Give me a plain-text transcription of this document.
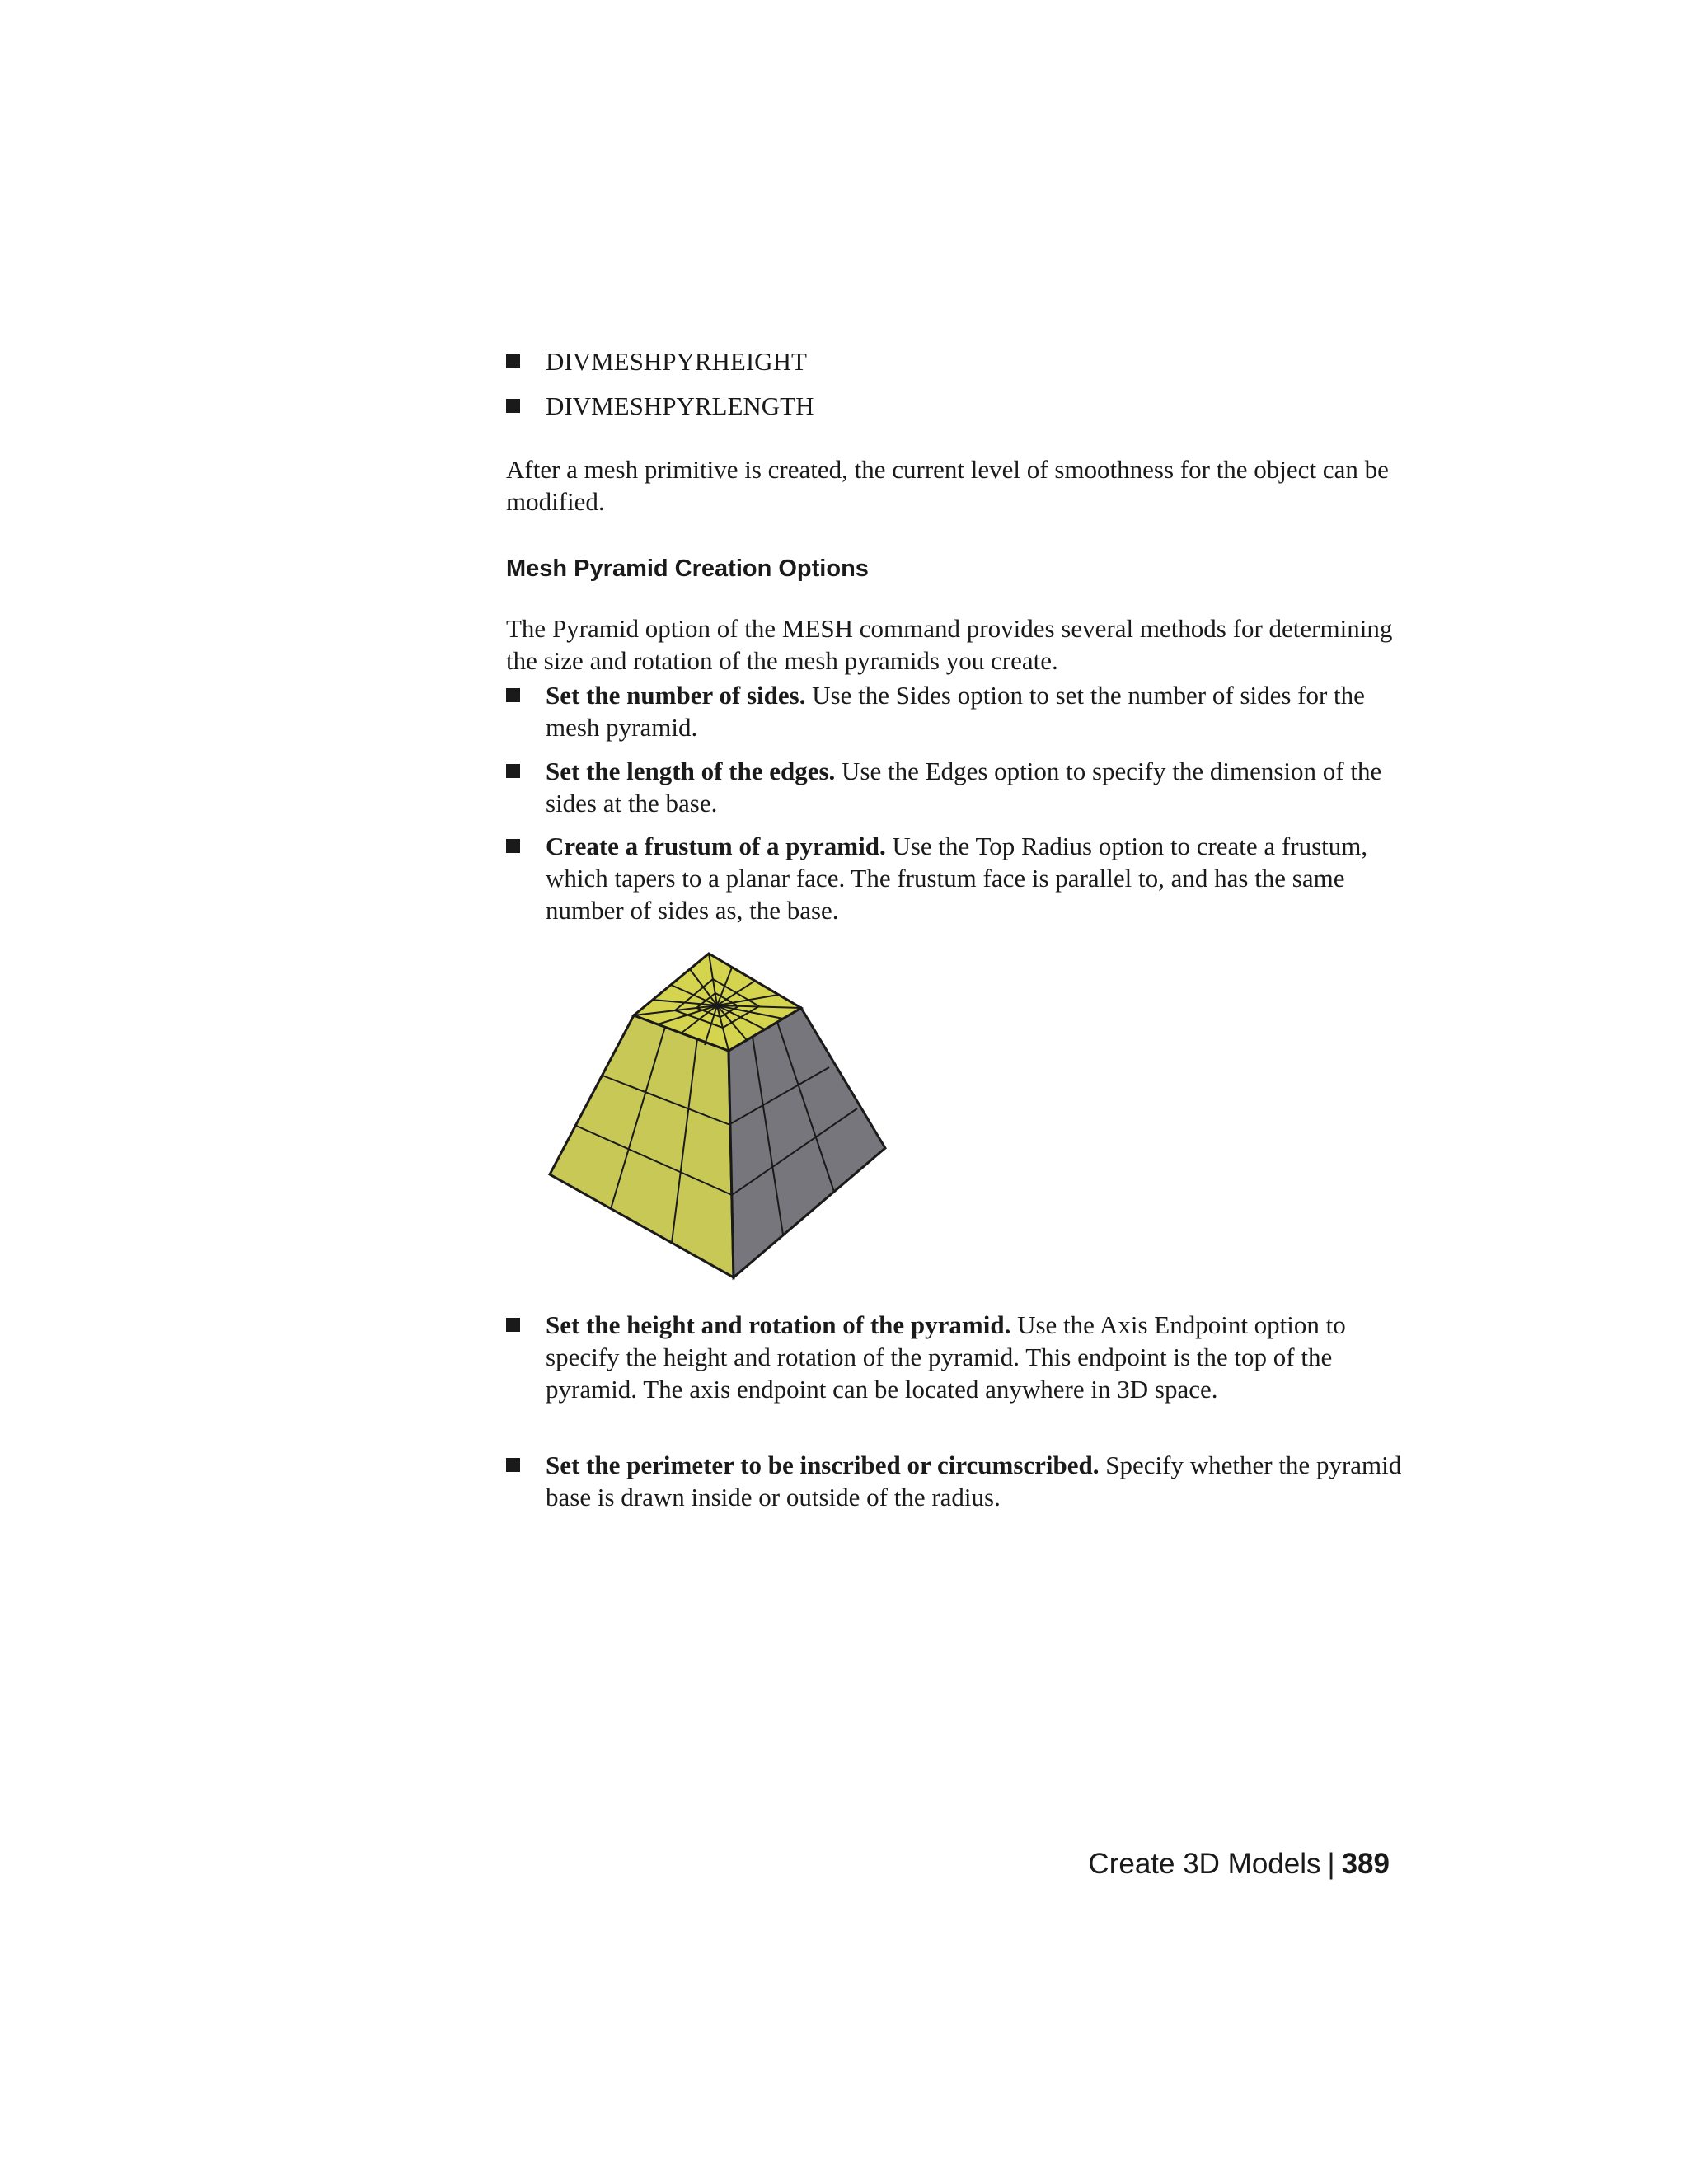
DIVMESHPYRHEIGHT
DIVMESHPYRLENGTH
After a mesh primitive is created, the current level of smoothness for the object can be modified.
Mesh Pyramid Creation Options
The Pyramid option of the MESH command provides several methods for determining the size and rotation of the mesh pyramids you create.
Set the number of sides. Use the Sides option to set the number of sides for the mesh pyramid.
Set the length of the edges. Use the Edges option to specify the dimension of the sides at the base.
Create a frustum of a pyramid. Use the Top Radius option to create a frustum, which tapers to a planar face. The frustum face is parallel to, and has the same number of sides as, the base.
Set the height and rotation of the pyramid. Use the Axis Endpoint option to specify the height and rotation of the pyramid. This endpoint is the top of the pyramid. The axis endpoint can be located anywhere in 3D space.
Set the perimeter to be inscribed or circumscribed. Specify whether the pyramid base is drawn inside or outside of the radius.
Create 3D Models | 389
